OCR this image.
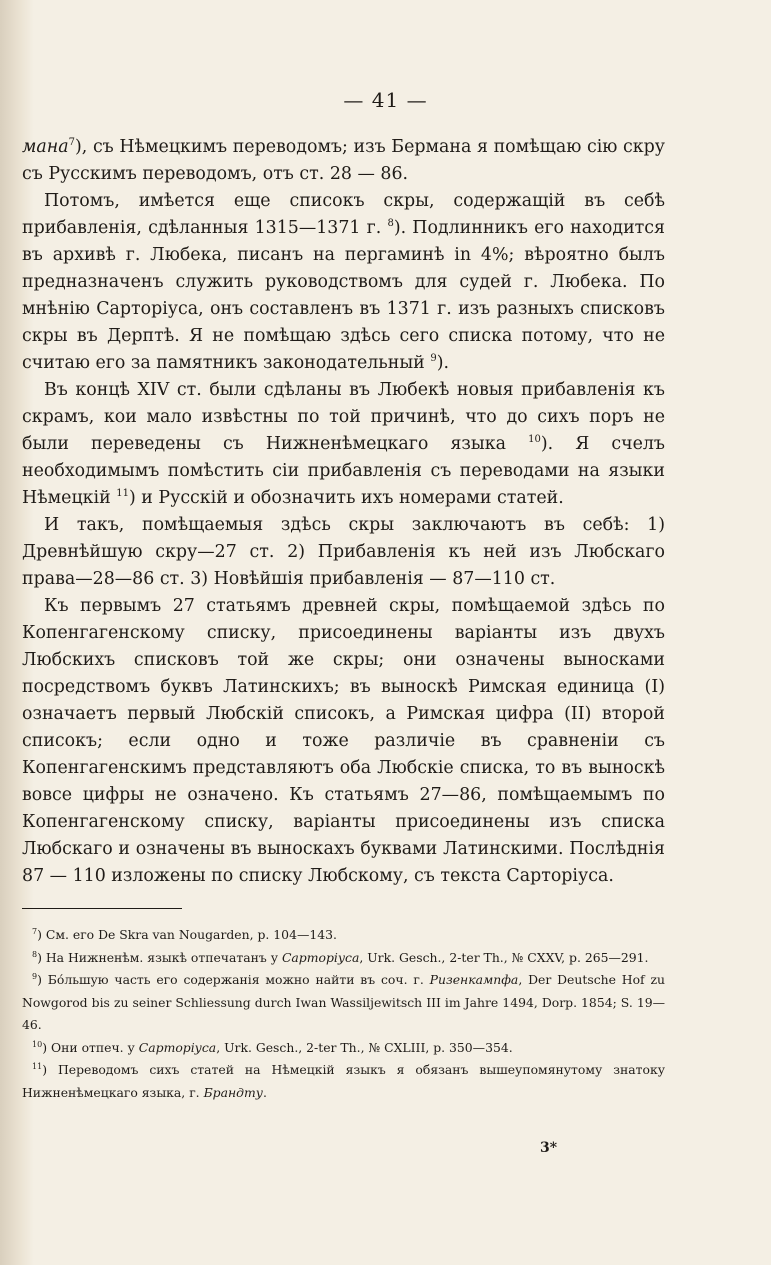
— 41 —

мана$^7$), съ Нѣмецкимъ переводомъ; изъ Бермана я помѣщаю сію скру съ Русскимъ переводомъ, отъ ст. 28 — 86.

Потомъ, имѣется еще списокъ скры, содержащій въ себѣ прибавленія, сдѣланныя 1315—1371 г. $^8$). Подлинникъ его находится въ архивѣ г. Любека, писанъ на пергаминѣ in 4%; вѣроятно былъ предназначенъ служить руководствомъ для судей г. Любека. По мнѣнію Сарторіуса, онъ составленъ въ 1371 г. изъ разныхъ списковъ скры въ Дерптѣ. Я не помѣщаю здѣсь сего списка потому, что не считаю его за памятникъ законодательный $^9$).

Въ концѣ XIV ст. были сдѣланы въ Любекѣ новыя прибавленія къ скрамъ, кои мало извѣстны по той причинѣ, что до сихъ поръ не были переведены съ Нижненѣмецкаго языка $^{10}$). Я счелъ необходимымъ помѣстить сіи прибавленія съ переводами на языки Нѣмецкій $^{11}$) и Русскій и обозначить ихъ номерами статей.

И такъ, помѣщаемыя здѣсь скры заключаютъ въ себѣ: 1) Древнѣйшую скру—27 ст. 2) Прибавленія къ ней изъ Любскаго права—28—86 ст. 3) Новѣйшія прибавленія — 87—110 ст.

Къ первымъ 27 статьямъ древней скры, помѣщаемой здѣсь по Копенгагенскому списку, присоединены варіанты изъ двухъ Любскихъ списковъ той же скры; они означены выносками посредствомъ буквъ Латинскихъ; въ выноскѣ Римская единица (I) означаетъ первый Любскій списокъ, а Римская цифра (II) второй списокъ; если одно и тоже различіе въ сравненіи съ Копенгагенскимъ представляютъ оба Любскіе списка, то въ выноскѣ вовсе цифры не означено. Къ статьямъ 27—86, помѣщаемымъ по Копенгагенскому списку, варіанты присоединены изъ списка Любскаго и означены въ выноскахъ буквами Латинскими. Послѣднія 87 — 110 изложены по списку Любскому, съ текста Сарторіуса.

$^7$) См. его De Skra van Nougarden, p. 104—143.

$^8$) На Нижненѣм. языкѣ отпечатанъ у Сарторіуса, Urk. Gesch., 2-ter Th., № CXXV, p. 265—291.

$^9$) Бо́льшую часть его содержанія можно найти въ соч. г. Ризенкампфа, Der Deutsche Hof zu Nowgorod bis zu seiner Schliessung durch Iwan Wassiljewitsch III im Jahre 1494, Dorp. 1854; S. 19—46.

$^{10}$) Они отпеч. у Сарторіуса, Urk. Gesch., 2-ter Th., № CXLIII, p. 350—354.

$^{11}$) Переводомъ сихъ статей на Нѣмецкій языкъ я обязанъ вышеупомянутому знатоку Нижненѣмецкаго языка, г. Брандту.

3*
